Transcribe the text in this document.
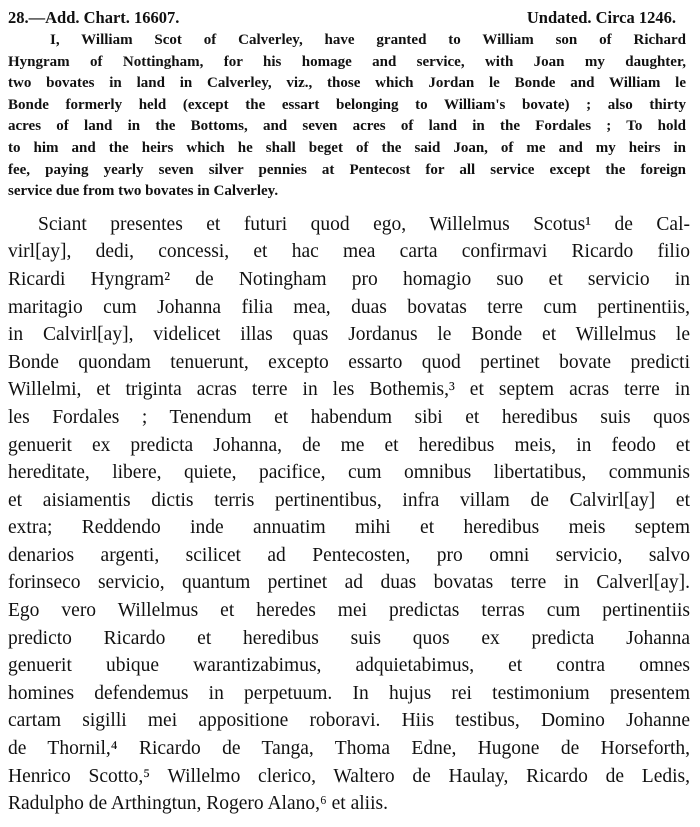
28.—Add. Chart. 16607.	Undated. Circa 1246.
I, William Scot of Calverley, have granted to William son of Richard
Hyngram of Nottingham, for his homage and service, with Joan my daughter,
two bovates in land in Calverley, viz., those which Jordan le Bonde and William le
Bonde formerly held (except the essart belonging to William's bovate) ; also thirty
acres of land in the Bottoms, and seven acres of land in the Fordales ; To hold
to him and the heirs which he shall beget of the said Joan, of me and my heirs in
fee, paying yearly seven silver pennies at Pentecost for all service except the foreign
service due from two bovates in Calverley.
Sciant presentes et futuri quod ego, Willelmus Scotus¹ de Cal-
virl[ay], dedi, concessi, et hac mea carta confirmavi Ricardo filio
Ricardi Hyngram² de Notingham pro homagio suo et servicio in
maritagio cum Johanna filia mea, duas bovatas terre cum pertinentiis,
in Calvirl[ay], videlicet illas quas Jordanus le Bonde et Willelmus le
Bonde quondam tenuerunt, excepto essarto quod pertinet bovate predicti
Willelmi, et triginta acras terre in les Bothemis,³ et septem acras terre in
les Fordales ; Tenendum et habendum sibi et heredibus suis quos
genuerit ex predicta Johanna, de me et heredibus meis, in feodo et
hereditate, libere, quiete, pacifice, cum omnibus libertatibus, communis
et aisiamentis dictis terris pertinentibus, infra villam de Calvirl[ay] et
extra; Reddendo inde annuatim mihi et heredibus meis septem
denarios argenti, scilicet ad Pentecosten, pro omni servicio, salvo
forinseco servicio, quantum pertinet ad duas bovatas terre in Calverl[ay].
Ego vero Willelmus et heredes mei predictas terras cum pertinentiis
predicto Ricardo et heredibus suis quos ex predicta Johanna
genuerit ubique warantizabimus, adquietabimus, et contra omnes
homines defendemus in perpetuum. In hujus rei testimonium presentem
cartam sigilli mei appositione roboravi. Hiis testibus, Domino Johanne
de Thornil,⁴ Ricardo de Tanga, Thoma Edne, Hugone de Horseforth,
Henrico Scotto,⁵ Willelmo clerico, Waltero de Haulay, Ricardo de Ledis,
Radulpho de Arthingtun, Rogero Alano,⁶ et aliis.
